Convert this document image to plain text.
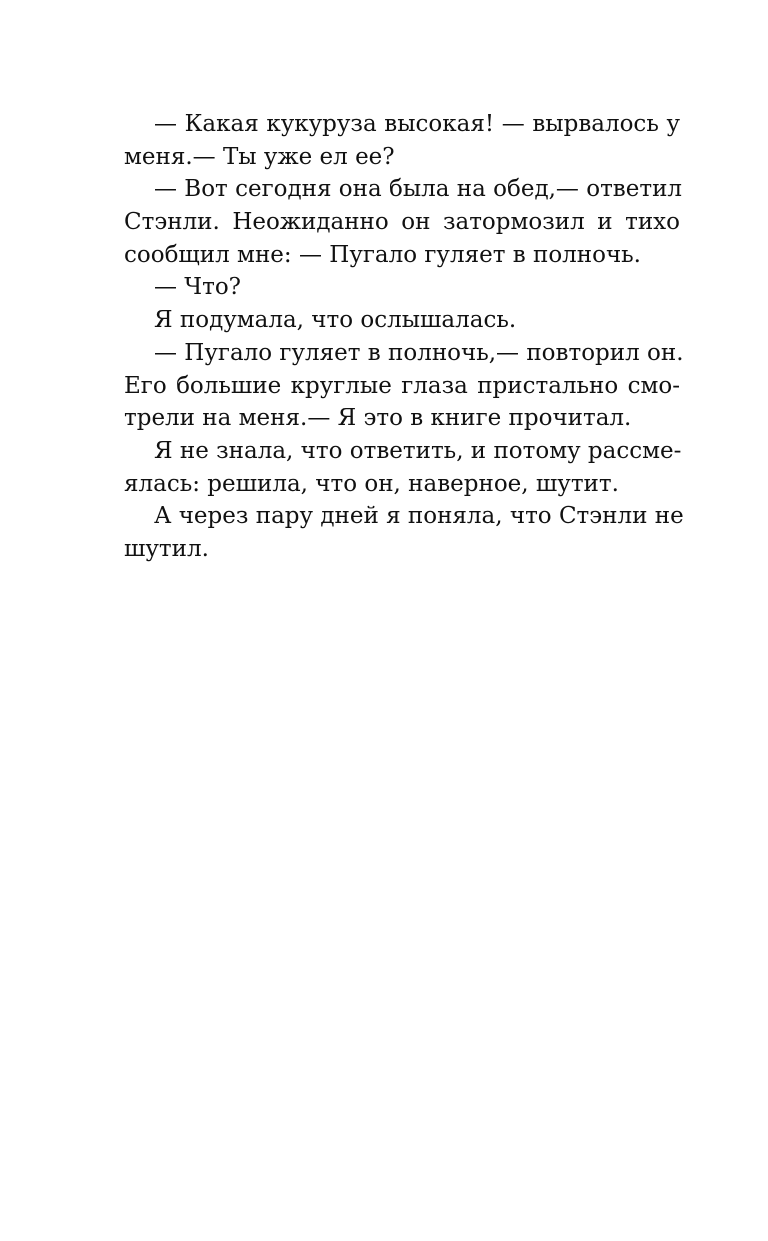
— Какая кукуруза высокая! — вырвалось у
меня.— Ты уже ел ее?
— Вот сегодня она была на обед,— ответил
Стэнли. Неожиданно он затормозил и тихо
сообщил мне: — Пугало гуляет в полночь.
— Что?
Я подумала, что ослышалась.
— Пугало гуляет в полночь,— повторил он.
Его большие круглые глаза пристально смо-
трели на меня.— Я это в книге прочитал.
Я не знала, что ответить, и потому рассме-
ялась: решила, что он, наверное, шутит.
А через пару дней я поняла, что Стэнли не
шутил.
